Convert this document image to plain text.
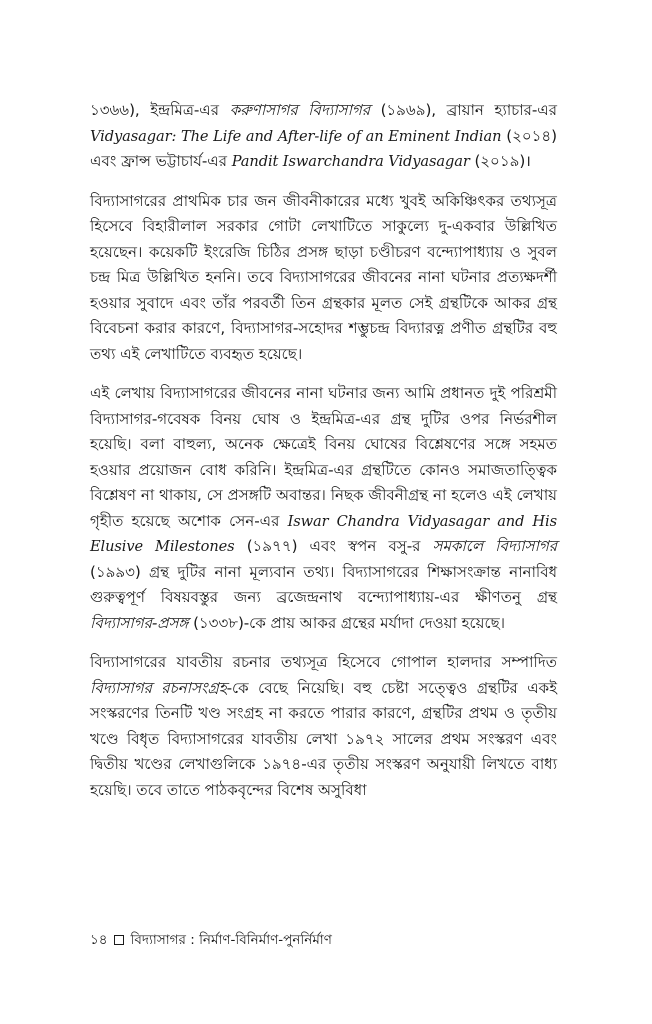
১৩৬৬), ইন্দ্রমিত্র-এর করুণাসাগর বিদ্যাসাগর (১৯৬৯), ব্রায়ান হ্যাচার-এর Vidyasagar: The Life and After-life of an Eminent Indian (২০১৪) এবং ফ্রান্স ভট্টাচার্য-এর Pandit Iswarchandra Vidyasagar (২০১৯)।

বিদ্যাসাগরের প্রাথমিক চার জন জীবনীকারের মধ্যে খুবই অকিঞ্চিৎকর তথ্যসূত্র হিসেবে বিহারীলাল সরকার গোটা লেখাটিতে সাকুল্যে দু-একবার উল্লিখিত হয়েছেন। কয়েকটি ইংরেজি চিঠির প্রসঙ্গ ছাড়া চণ্ডীচরণ বন্দ্যোপাধ্যায় ও সুবল চন্দ্র মিত্র উল্লিখিত হননি। তবে বিদ্যাসাগরের জীবনের নানা ঘটনার প্রত্যক্ষদর্শী হওয়ার সুবাদে এবং তাঁর পরবর্তী তিন গ্রন্থকার মূলত সেই গ্রন্থটিকে আকর গ্রন্থ বিবেচনা করার কারণে, বিদ্যাসাগর-সহোদর শম্ভুচন্দ্র বিদ্যারত্ন প্রণীত গ্রন্থটির বহু তথ্য এই লেখাটিতে ব্যবহৃত হয়েছে।

এই লেখায় বিদ্যাসাগরের জীবনের নানা ঘটনার জন্য আমি প্রধানত দুই পরিশ্রমী বিদ্যাসাগর-গবেষক বিনয় ঘোষ ও ইন্দ্রমিত্র-এর গ্রন্থ দুটির ওপর নির্ভরশীল হয়েছি। বলা বাহুল্য, অনেক ক্ষেত্রেই বিনয় ঘোষের বিশ্লেষণের সঙ্গে সহমত হওয়ার প্রয়োজন বোধ করিনি। ইন্দ্রমিত্র-এর গ্রন্থটিতে কোনও সমাজতাত্ত্বিক বিশ্লেষণ না থাকায়, সে প্রসঙ্গটি অবান্তর। নিছক জীবনীগ্রন্থ না হলেও এই লেখায় গৃহীত হয়েছে অশোক সেন-এর Iswar Chandra Vidyasagar and His Elusive Milestones (১৯৭৭) এবং স্বপন বসু-র সমকালে বিদ্যাসাগর (১৯৯৩) গ্রন্থ দুটির নানা মূল্যবান তথ্য। বিদ্যাসাগরের শিক্ষাসংক্রান্ত নানাবিধ গুরুত্বপূর্ণ বিষয়বস্তুর জন্য ব্রজেন্দ্রনাথ বন্দ্যোপাধ্যায়-এর ক্ষীণতনু গ্রন্থ বিদ্যাসাগর-প্রসঙ্গ (১৩৩৮)-কে প্রায় আকর গ্রন্থের মর্যাদা দেওয়া হয়েছে।

বিদ্যাসাগরের যাবতীয় রচনার তথ্যসূত্র হিসেবে গোপাল হালদার সম্পাদিত বিদ্যাসাগর রচনাসংগ্রহ-কে বেছে নিয়েছি। বহু চেষ্টা সত্ত্বেও গ্রন্থটির একই সংস্করণের তিনটি খণ্ড সংগ্রহ না করতে পারার কারণে, গ্রন্থটির প্রথম ও তৃতীয় খণ্ডে বিধৃত বিদ্যাসাগরের যাবতীয় লেখা ১৯৭২ সালের প্রথম সংস্করণ এবং দ্বিতীয় খণ্ডের লেখাগুলিকে ১৯৭৪-এর তৃতীয় সংস্করণ অনুযায়ী লিখতে বাধ্য হয়েছি। তবে তাতে পাঠকবৃন্দের বিশেষ অসুবিধা

১৪ বিদ্যাসাগর : নির্মাণ-বিনির্মাণ-পুনর্নির্মাণ
